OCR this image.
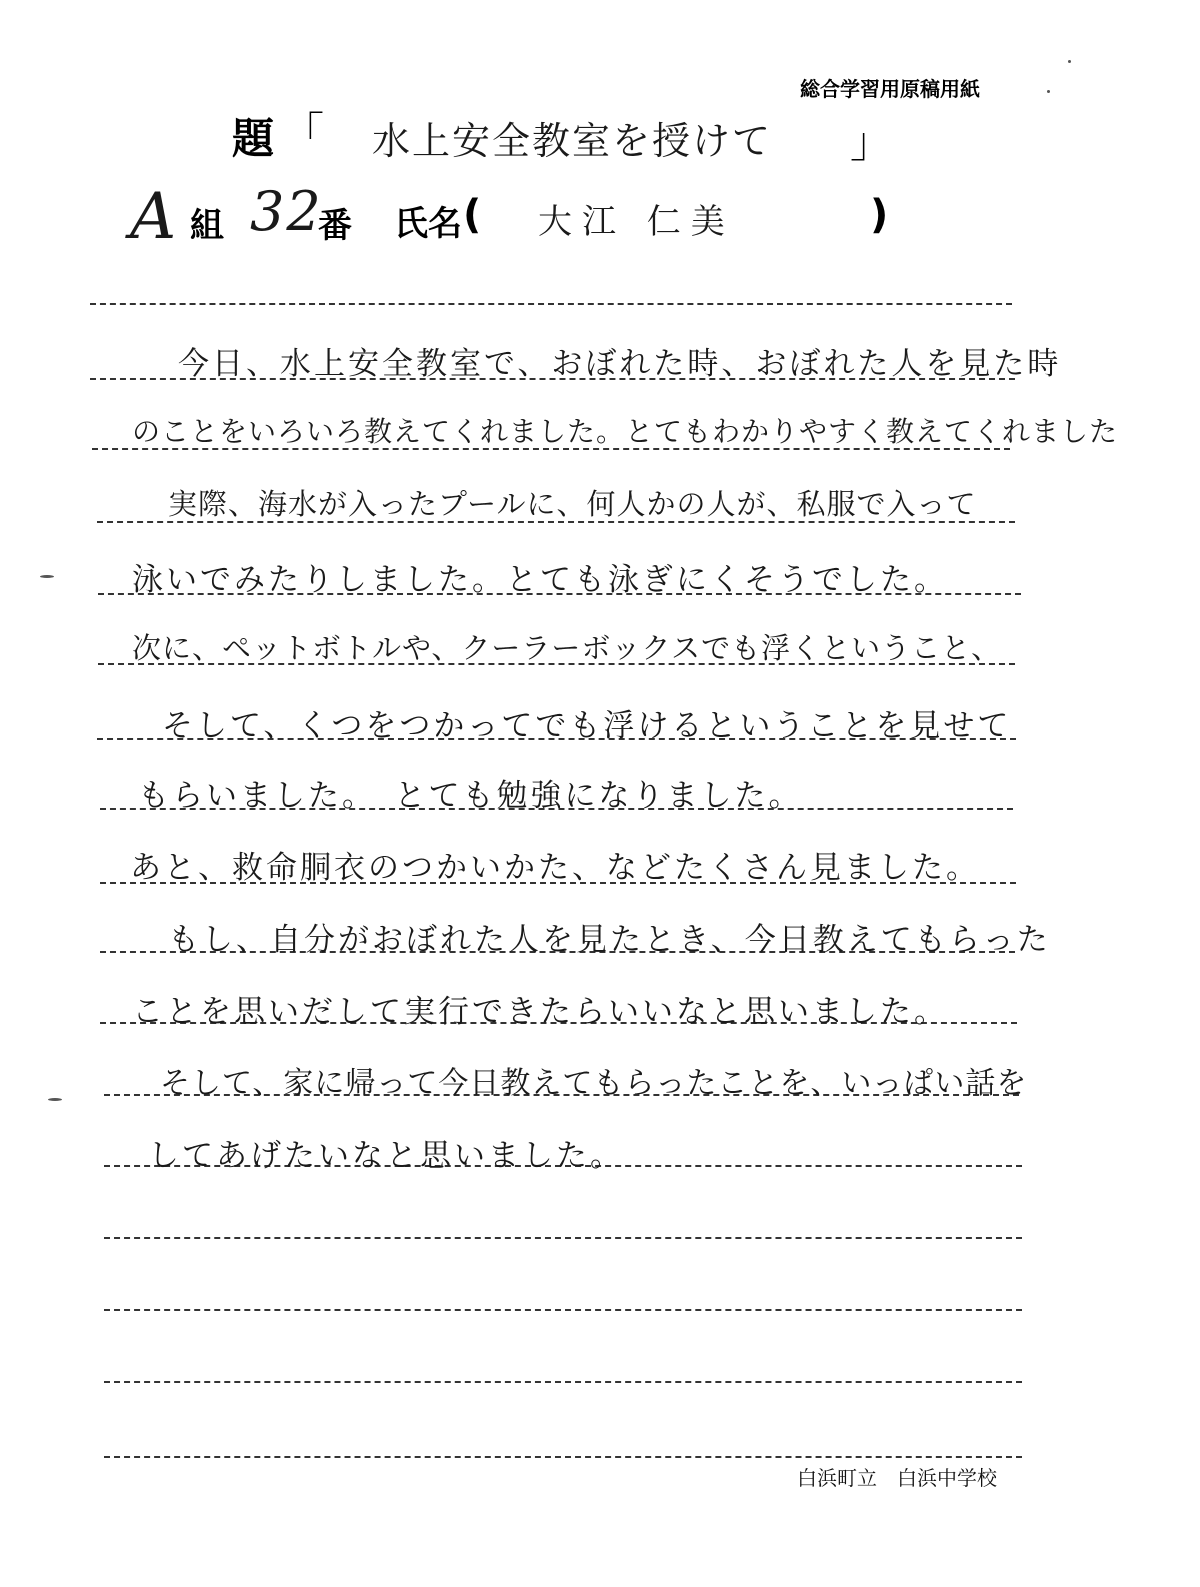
総合学習用原稿用紙
題 「 水上安全教室を授けて 」
A 組 32
番 氏名 ( 大江 仁美	)
今日、水上安全教室で、おぼれた時、おぼれた人を見た時
のことをいろいろ教えてくれました。とてもわかりやすく教えてくれました
実際、海水が入ったプールに、何人かの人が、私服で入って
泳いでみたりしました。とても泳ぎにくそうでした。
次に、ペットボトルや、クーラーボックスでも浮くということ、
そして、くつをつかってでも浮けるということを見せて
もらいました。　とても勉強になりました。
あと、救命胴衣のつかいかた、などたくさん見ました。
もし、自分がおぼれた人を見たとき、今日教えてもらった
ことを思いだして実行できたらいいなと思いました。
そして、家に帰って今日教えてもらったことを、いっぱい話を
してあげたいなと思いました。
白浜町立　白浜中学校
